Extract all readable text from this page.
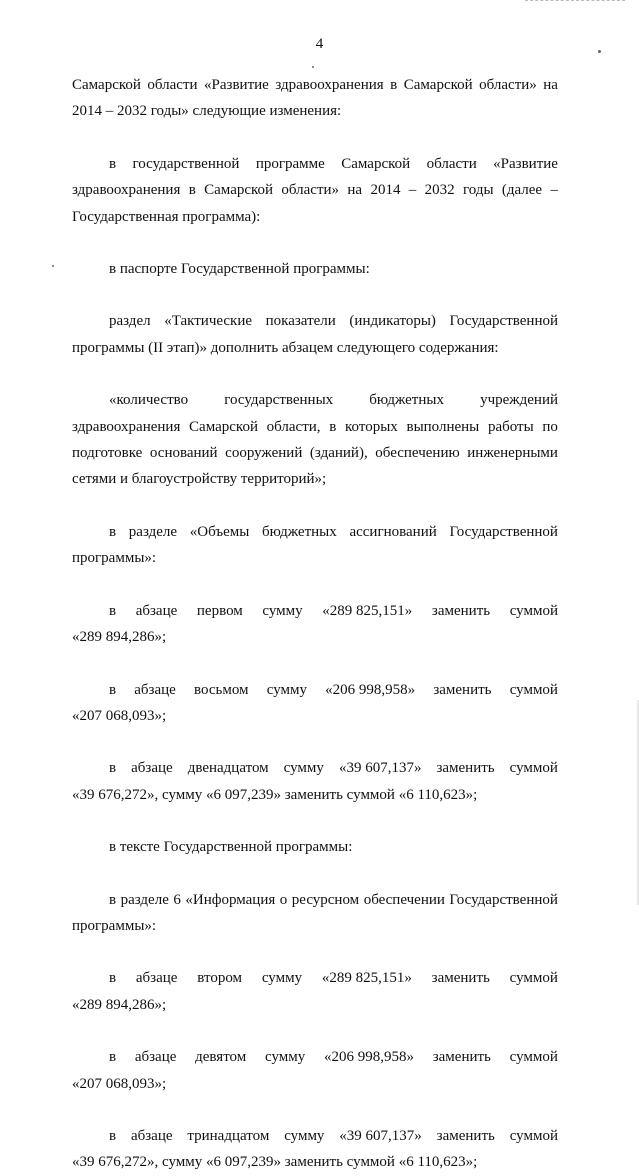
4
Самарской области «Развитие здравоохранения в Самарской области» на
2014 – 2032 годы» следующие изменения:
в государственной программе Самарской области «Развитие
здравоохранения в Самарской области» на 2014 – 2032 годы (далее –
Государственная программа):
в паспорте Государственной программы:
раздел «Тактические показатели (индикаторы) Государственной
программы (II этап)» дополнить абзацем следующего содержания:
«количество государственных бюджетных учреждений
здравоохранения Самарской области, в которых выполнены работы по
подготовке оснований сооружений (зданий), обеспечению инженерными
сетями и благоустройству территорий»;
в разделе «Объемы бюджетных ассигнований Государственной
программы»:
в абзаце первом сумму «289 825,151» заменить суммой
«289 894,286»;
в абзаце восьмом сумму «206 998,958» заменить суммой
«207 068,093»;
в абзаце двенадцатом сумму «39 607,137» заменить суммой
«39 676,272», сумму «6 097,239» заменить суммой «6 110,623»;
в тексте Государственной программы:
в разделе 6 «Информация о ресурсном обеспечении Государственной
программы»:
в абзаце втором сумму «289 825,151» заменить суммой
«289 894,286»;
в абзаце девятом сумму «206 998,958» заменить суммой
«207 068,093»;
в абзаце тринадцатом сумму «39 607,137» заменить суммой
«39 676,272», сумму «6 097,239» заменить суммой «6 110,623»;
